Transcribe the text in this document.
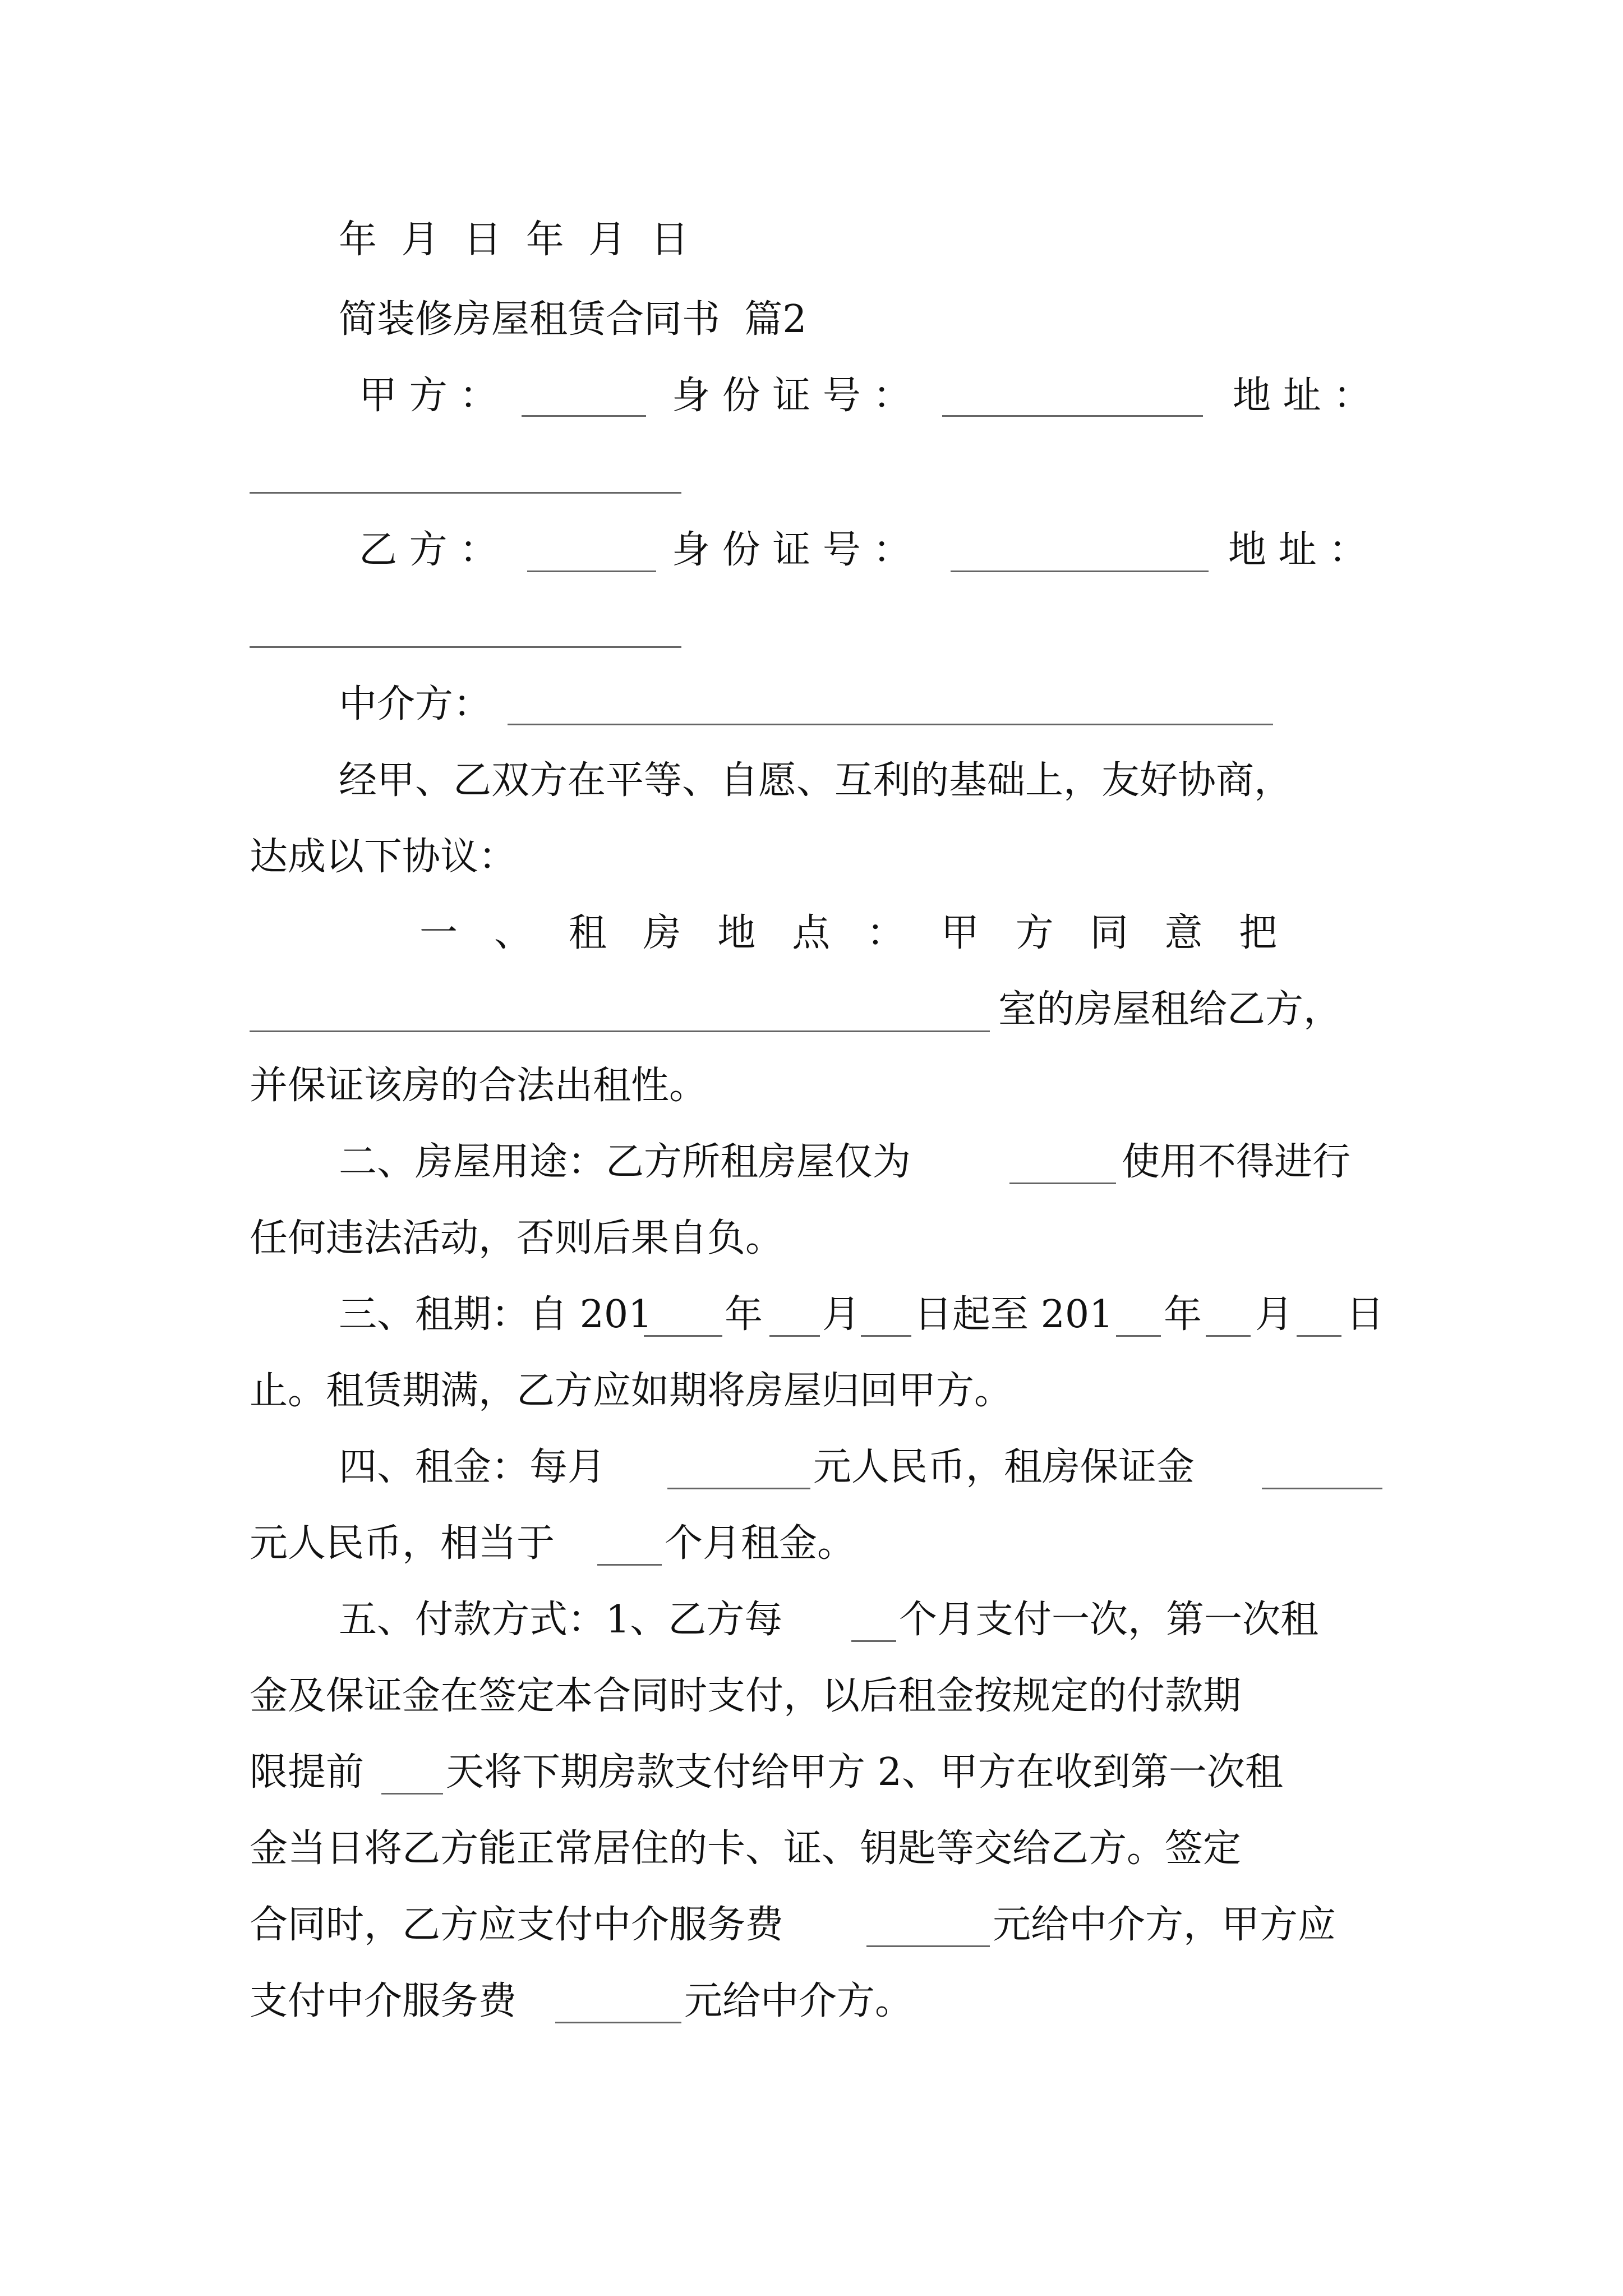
年  月  日  年  月  日
简装修房屋租赁合同书  篇2
甲 方 ：	身 份 证 号 ：	地 址 ：
乙 方 ：	身 份 证 号 ：	地 址 ：
中介方：
经甲、乙双方在平等、自愿、互利的基础上，友好协商，
达成以下协议：
一   、   租   房   地   点   ：   甲   方   同   意   把
室的房屋租给乙方，
并保证该房的合法出租性。
二、房屋用途：乙方所租房屋仅为	使用不得进行
任何违法活动，否则后果自负。
三、租期：自 201 年 月 日起至 201 年 月 日
止。租赁期满，乙方应如期将房屋归回甲方。
四、租金：每月	元人民币，租房保证金
元人民币，相当于	个月租金。
五、付款方式：1、乙方每	个月支付一次，第一次租
金及保证金在签定本合同时支付，以后租金按规定的付款期
限提前 天将下期房款支付给甲方 2、甲方在收到第一次租
金当日将乙方能正常居住的卡、证、钥匙等交给乙方。签定
合同时，乙方应支付中介服务费	元给中介方，甲方应
支付中介服务费	元给中介方。
